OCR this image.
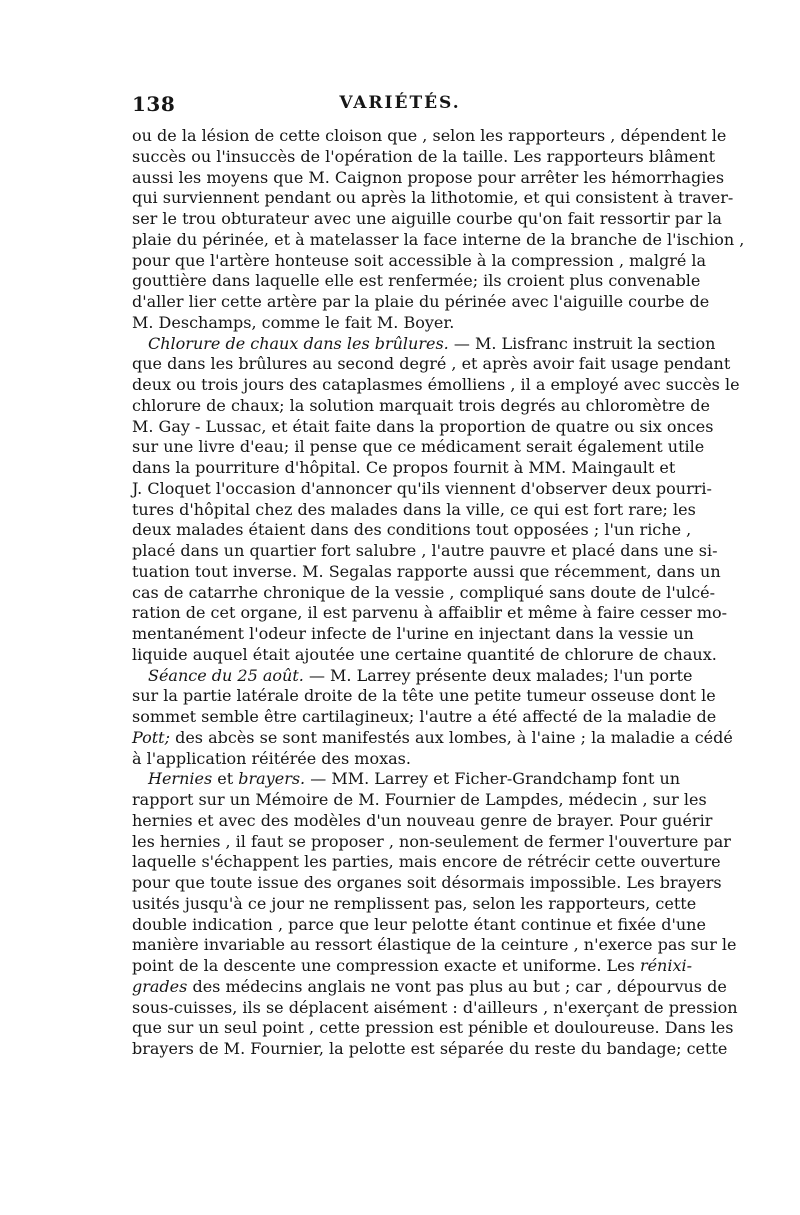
138	VARIÉTÉS.
ou de la lésion de cette cloison que , selon les rapporteurs , dépendent le
succès ou l'insuccès de l'opération de la taille. Les rapporteurs blâment
aussi les moyens que M. Caignon propose pour arrêter les hémorrhagies
qui surviennent pendant ou après la lithotomie, et qui consistent à traver-
ser le trou obturateur avec une aiguille courbe qu'on fait ressortir par la
plaie du périnée, et à matelasser la face interne de la branche de l'ischion ,
pour que l'artère honteuse soit accessible à la compression , malgré la
gouttière dans laquelle elle est renfermée; ils croient plus convenable
d'aller lier cette artère par la plaie du périnée avec l'aiguille courbe de
M. Deschamps, comme le fait M. Boyer.
Chlorure de chaux dans les brûlures. — M. Lisfranc instruit la section
que dans les brûlures au second degré , et après avoir fait usage pendant
deux ou trois jours des cataplasmes émolliens , il a employé avec succès le
chlorure de chaux; la solution marquait trois degrés au chloromètre de
M. Gay - Lussac, et était faite dans la proportion de quatre ou six onces
sur une livre d'eau; il pense que ce médicament serait également utile
dans la pourriture d'hôpital. Ce propos fournit à MM. Maingault et
J. Cloquet l'occasion d'annoncer qu'ils viennent d'observer deux pourri-
tures d'hôpital chez des malades dans la ville, ce qui est fort rare; les
deux malades étaient dans des conditions tout opposées ; l'un riche ,
placé dans un quartier fort salubre , l'autre pauvre et placé dans une si-
tuation tout inverse. M. Segalas rapporte aussi que récemment, dans un
cas de catarrhe chronique de la vessie , compliqué sans doute de l'ulcé-
ration de cet organe, il est parvenu à affaiblir et même à faire cesser mo-
mentanément l'odeur infecte de l'urine en injectant dans la vessie un
liquide auquel était ajoutée une certaine quantité de chlorure de chaux.
Séance du 25 août. — M. Larrey présente deux malades; l'un porte
sur la partie latérale droite de la tête une petite tumeur osseuse dont le
sommet semble être cartilagineux; l'autre a été affecté de la maladie de
Pott; des abcès se sont manifestés aux lombes, à l'aine ; la maladie a cédé
à l'application réitérée des moxas.
Hernies et brayers. — MM. Larrey et Ficher-Grandchamp font un
rapport sur un Mémoire de M. Fournier de Lampdes, médecin , sur les
hernies et avec des modèles d'un nouveau genre de brayer. Pour guérir
les hernies , il faut se proposer , non-seulement de fermer l'ouverture par
laquelle s'échappent les parties, mais encore de rétrécir cette ouverture
pour que toute issue des organes soit désormais impossible. Les brayers
usités jusqu'à ce jour ne remplissent pas, selon les rapporteurs, cette
double indication , parce que leur pelotte étant continue et fixée d'une
manière invariable au ressort élastique de la ceinture , n'exerce pas sur le
point de la descente une compression exacte et uniforme. Les rénixi-
grades des médecins anglais ne vont pas plus au but ; car , dépourvus de
sous-cuisses, ils se déplacent aisément : d'ailleurs , n'exerçant de pression
que sur un seul point , cette pression est pénible et douloureuse. Dans les
brayers de M. Fournier, la pelotte est séparée du reste du bandage; cette
